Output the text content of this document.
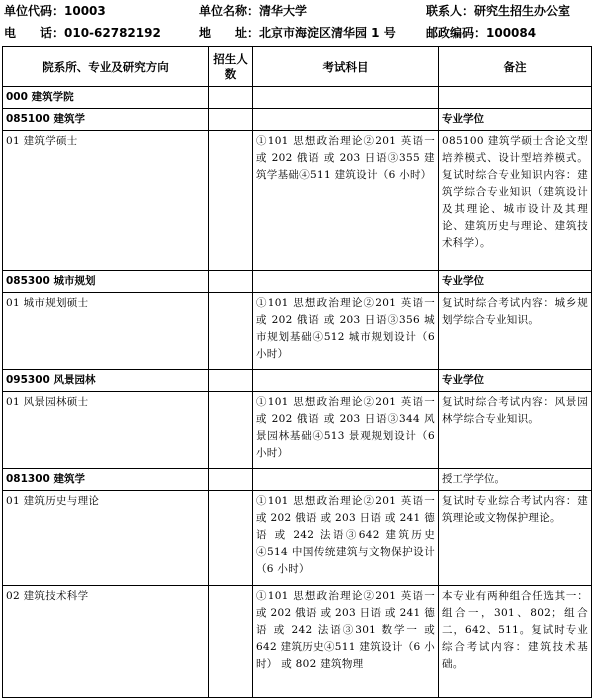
单位代码：10003	单位名称：清华大学	联系人：研究生招生办公室
电　　话：010-62782192	地　　址：北京市海淀区清华园 1 号	邮政编码：100084
院系所、专业及研究方向	招生人数	考试科目	备注
000 建筑学院			
085100 建筑学			专业学位
01 建筑学硕士		①101 思想政治理论②201 英语一 或 202 俄语 或 203 日语③355 建筑学基础④511 建筑设计（6 小时）	085100 建筑学硕士含论文型培养模式、设计型培养模式。复试时综合专业知识内容：建筑学综合专业知识（建筑设计及其理论、城市设计及其理论、建筑历史与理论、建筑技术科学）。
085300 城市规划			专业学位
01 城市规划硕士		①101 思想政治理论②201 英语一 或 202 俄语 或 203 日语③356 城市规划基础④512 城市规划设计（6 小时）	复试时综合考试内容：城乡规划学综合专业知识。
095300 风景园林			专业学位
01 风景园林硕士		①101 思想政治理论②201 英语一 或 202 俄语 或 203 日语③344 风景园林基础④513 景观规划设计（6 小时）	复试时综合考试内容：风景园林学综合专业知识。
081300 建筑学			授工学学位。
01 建筑历史与理论		①101 思想政治理论②201 英语一 或 202 俄语 或 203 日语 或 241 德语 或 242 法语③642 建筑历史④514 中国传统建筑与文物保护设计（6 小时）	复试时专业综合考试内容：建筑理论或文物保护理论。
02 建筑技术科学		①101 思想政治理论②201 英语一 或 202 俄语 或 203 日语 或 241 德语 或 242 法语③301 数学一 或 642 建筑历史④511 建筑设计（6 小时） 或 802 建筑物理	本专业有两种组合任选其一：组合一，301、802；组合二，642、511。复试时专业综合考试内容：建筑技术基础。
